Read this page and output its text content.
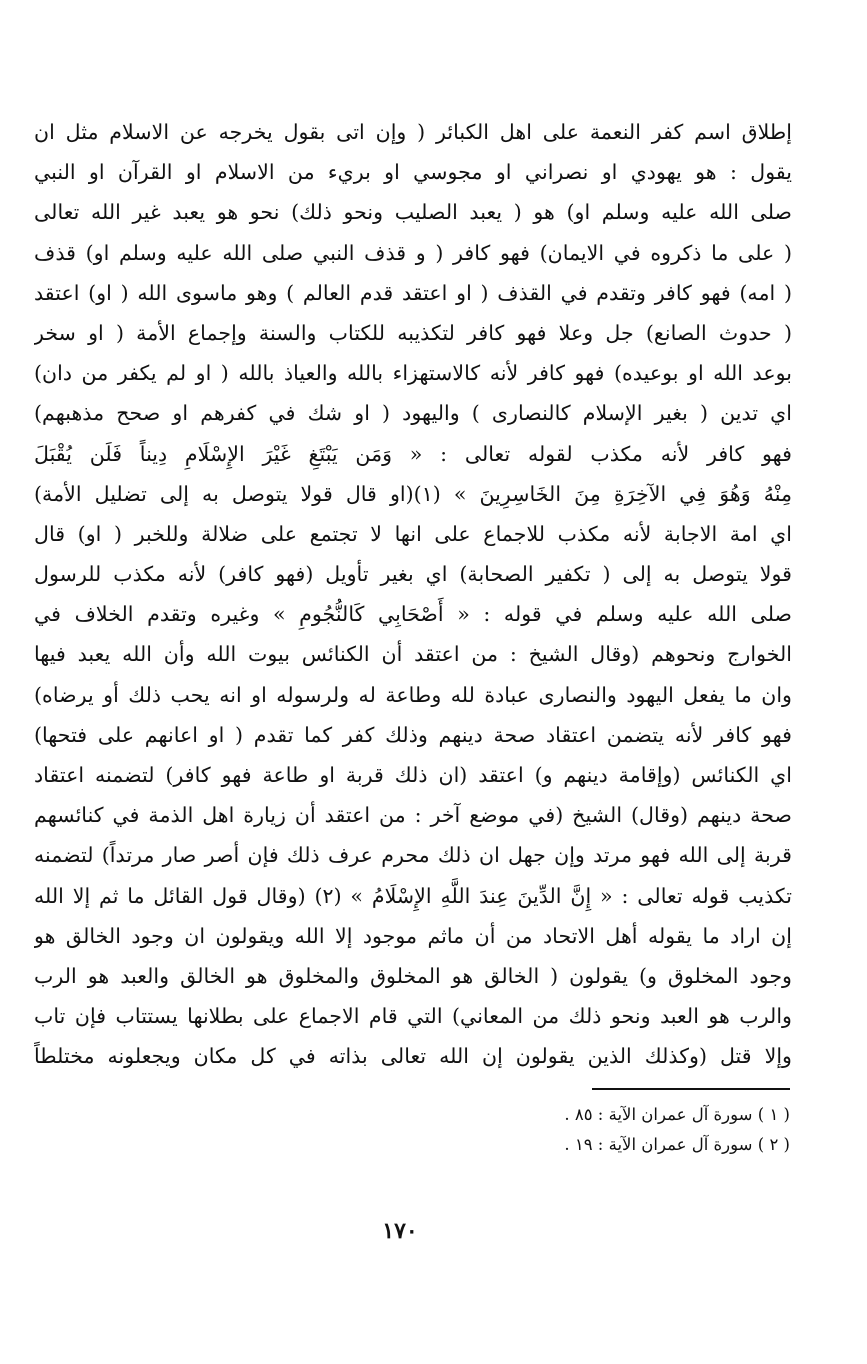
إطلاق اسم كفر النعمة على اهل الكبائر ( وإن اتى بقول يخرجه عن الاسلام مثل ان
يقول : هو يهودي او نصراني او مجوسي او بريء من الاسلام او القرآن او النبي
صلى الله عليه وسلم او) هو ( يعبد الصليب ونحو ذلك) نحو هو يعبد غير الله تعالى
( على ما ذكروه في الايمان) فهو كافر ( و قذف النبي صلى الله عليه وسلم او) قذف
( امه) فهو كافر وتقدم في القذف ( او اعتقد قدم العالم ) وهو ماسوى الله ( او) اعتقد
( حدوث الصانع) جل وعلا فهو كافر لتكذيبه للكتاب والسنة وإجماع الأمة ( او سخر
بوعد الله او بوعيده) فهو كافر لأنه كالاستهزاء بالله والعياذ بالله ( او لم يكفر من دان)
اي تدين ( بغير الإسلام كالنصارى ) واليهود ( او شك في كفرهم او صحح مذهبهم)
فهو كافر لأنه مكذب لقوله تعالى : « وَمَن يَبْتَغِ غَيْرَ الإِسْلَامِ دِيناً فَلَن يُقْبَلَ
مِنْهُ وَهُوَ فِي الآخِرَةِ مِنَ الخَاسِرِينَ » (١)(او قال قولا يتوصل به إلى تضليل الأمة)
اي امة الاجابة لأنه مكذب للاجماع على انها لا تجتمع على ضلالة وللخبر ( او) قال
قولا يتوصل به إلى ( تكفير الصحابة) اي بغير تأويل (فهو كافر) لأنه مكذب للرسول
صلى الله عليه وسلم في قوله : « أَصْحَابِي كَالنُّجُومِ » وغيره وتقدم الخلاف في
الخوارج ونحوهم (وقال الشيخ : من اعتقد أن الكنائس بيوت الله وأن الله يعبد فيها
وان ما يفعل اليهود والنصارى عبادة لله وطاعة له ولرسوله او انه يحب ذلك أو يرضاه)
فهو كافر لأنه يتضمن اعتقاد صحة دينهم وذلك كفر كما تقدم ( او اعانهم على فتحها)
اي الكنائس (وإقامة دينهم و) اعتقد (ان ذلك قربة او طاعة فهو كافر) لتضمنه اعتقاد
صحة دينهم (وقال) الشيخ (في موضع آخر : من اعتقد أن زيارة اهل الذمة في كنائسهم
قربة إلى الله فهو مرتد وإن جهل ان ذلك محرم عرف ذلك فإن أصر صار مرتداً) لتضمنه
تكذيب قوله تعالى : « إِنَّ الدِّينَ عِندَ اللَّهِ الإِسْلَامُ » (٢) (وقال قول القائل ما ثم إلا الله
إن اراد ما يقوله أهل الاتحاد من أن ماثم موجود إلا الله ويقولون ان وجود الخالق هو
وجود المخلوق و) يقولون ( الخالق هو المخلوق والمخلوق هو الخالق والعبد هو الرب
والرب هو العبد ونحو ذلك من المعاني) التي قام الاجماع على بطلانها يستتاب فإن تاب
وإلا قتل (وكذلك الذين يقولون إن الله تعالى بذاته في كل مكان ويجعلونه مختلطاً
( ١ ) سورة آل عمران الآية : ٨٥ .
( ٢ ) سورة آل عمران الآية : ١٩ .
١٧٠
